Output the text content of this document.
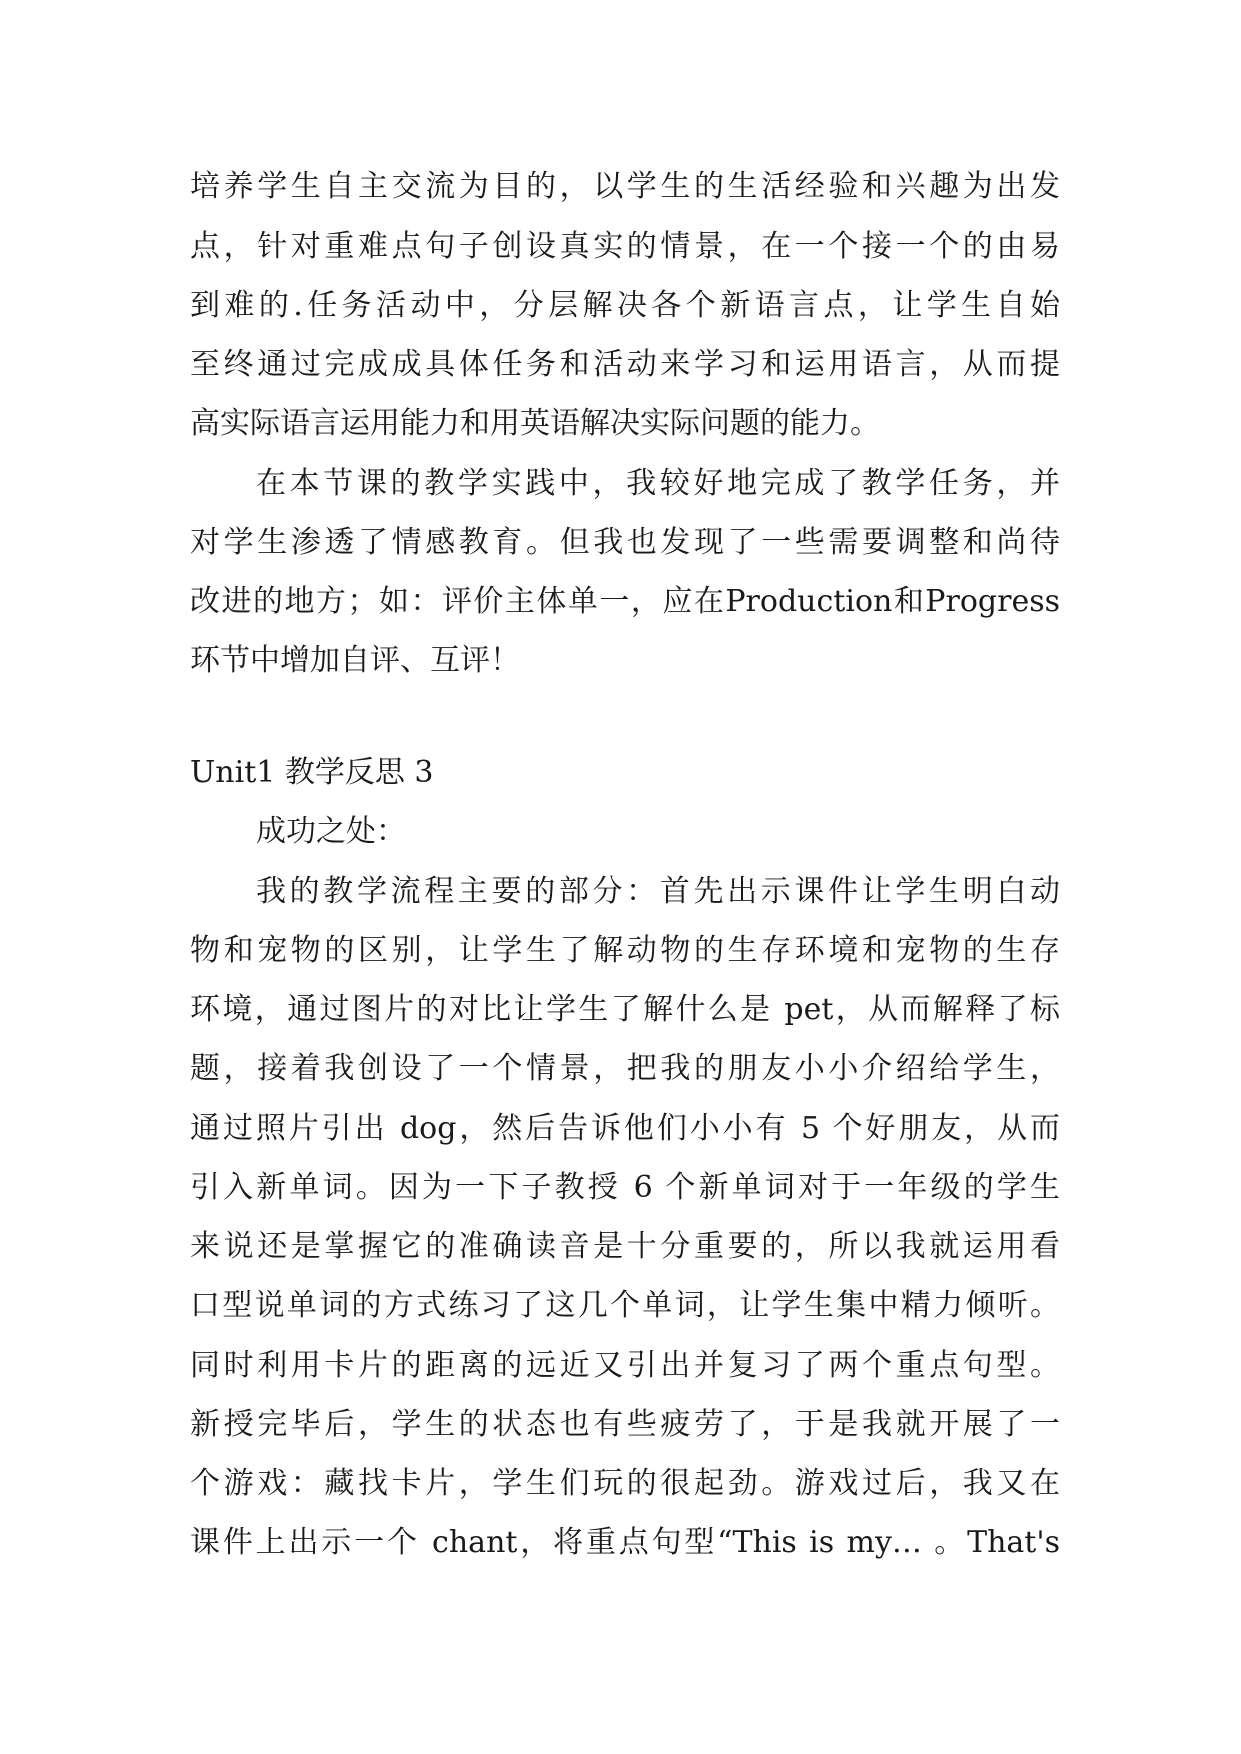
培养学生自主交流为目的，以学生的生活经验和兴趣为出发
点，针对重难点句子创设真实的情景，在一个接一个的由易
到难的.任务活动中，分层解决各个新语言点，让学生自始
至终通过完成成具体任务和活动来学习和运用语言，从而提
高实际语言运用能力和用英语解决实际问题的能力。
在本节课的教学实践中，我较好地完成了教学任务，并
对学生渗透了情感教育。但我也发现了一些需要调整和尚待
改进的地方；如：评价主体单一，应在Production和Progress
环节中增加自评、互评！
Unit1 教学反思 3
成功之处：
我的教学流程主要的部分：首先出示课件让学生明白动
物和宠物的区别，让学生了解动物的生存环境和宠物的生存
环境，通过图片的对比让学生了解什么是 pet，从而解释了标
题，接着我创设了一个情景，把我的朋友小小介绍给学生，
通过照片引出 dog，然后告诉他们小小有 5 个好朋友，从而
引入新单词。因为一下子教授 6 个新单词对于一年级的学生
来说还是掌握它的准确读音是十分重要的，所以我就运用看
口型说单词的方式练习了这几个单词，让学生集中精力倾听。
同时利用卡片的距离的远近又引出并复习了两个重点句型。
新授完毕后，学生的状态也有些疲劳了，于是我就开展了一
个游戏：藏找卡片，学生们玩的很起劲。游戏过后，我又在
课件上出示一个 chant，将重点句型“This is my… 。That's
